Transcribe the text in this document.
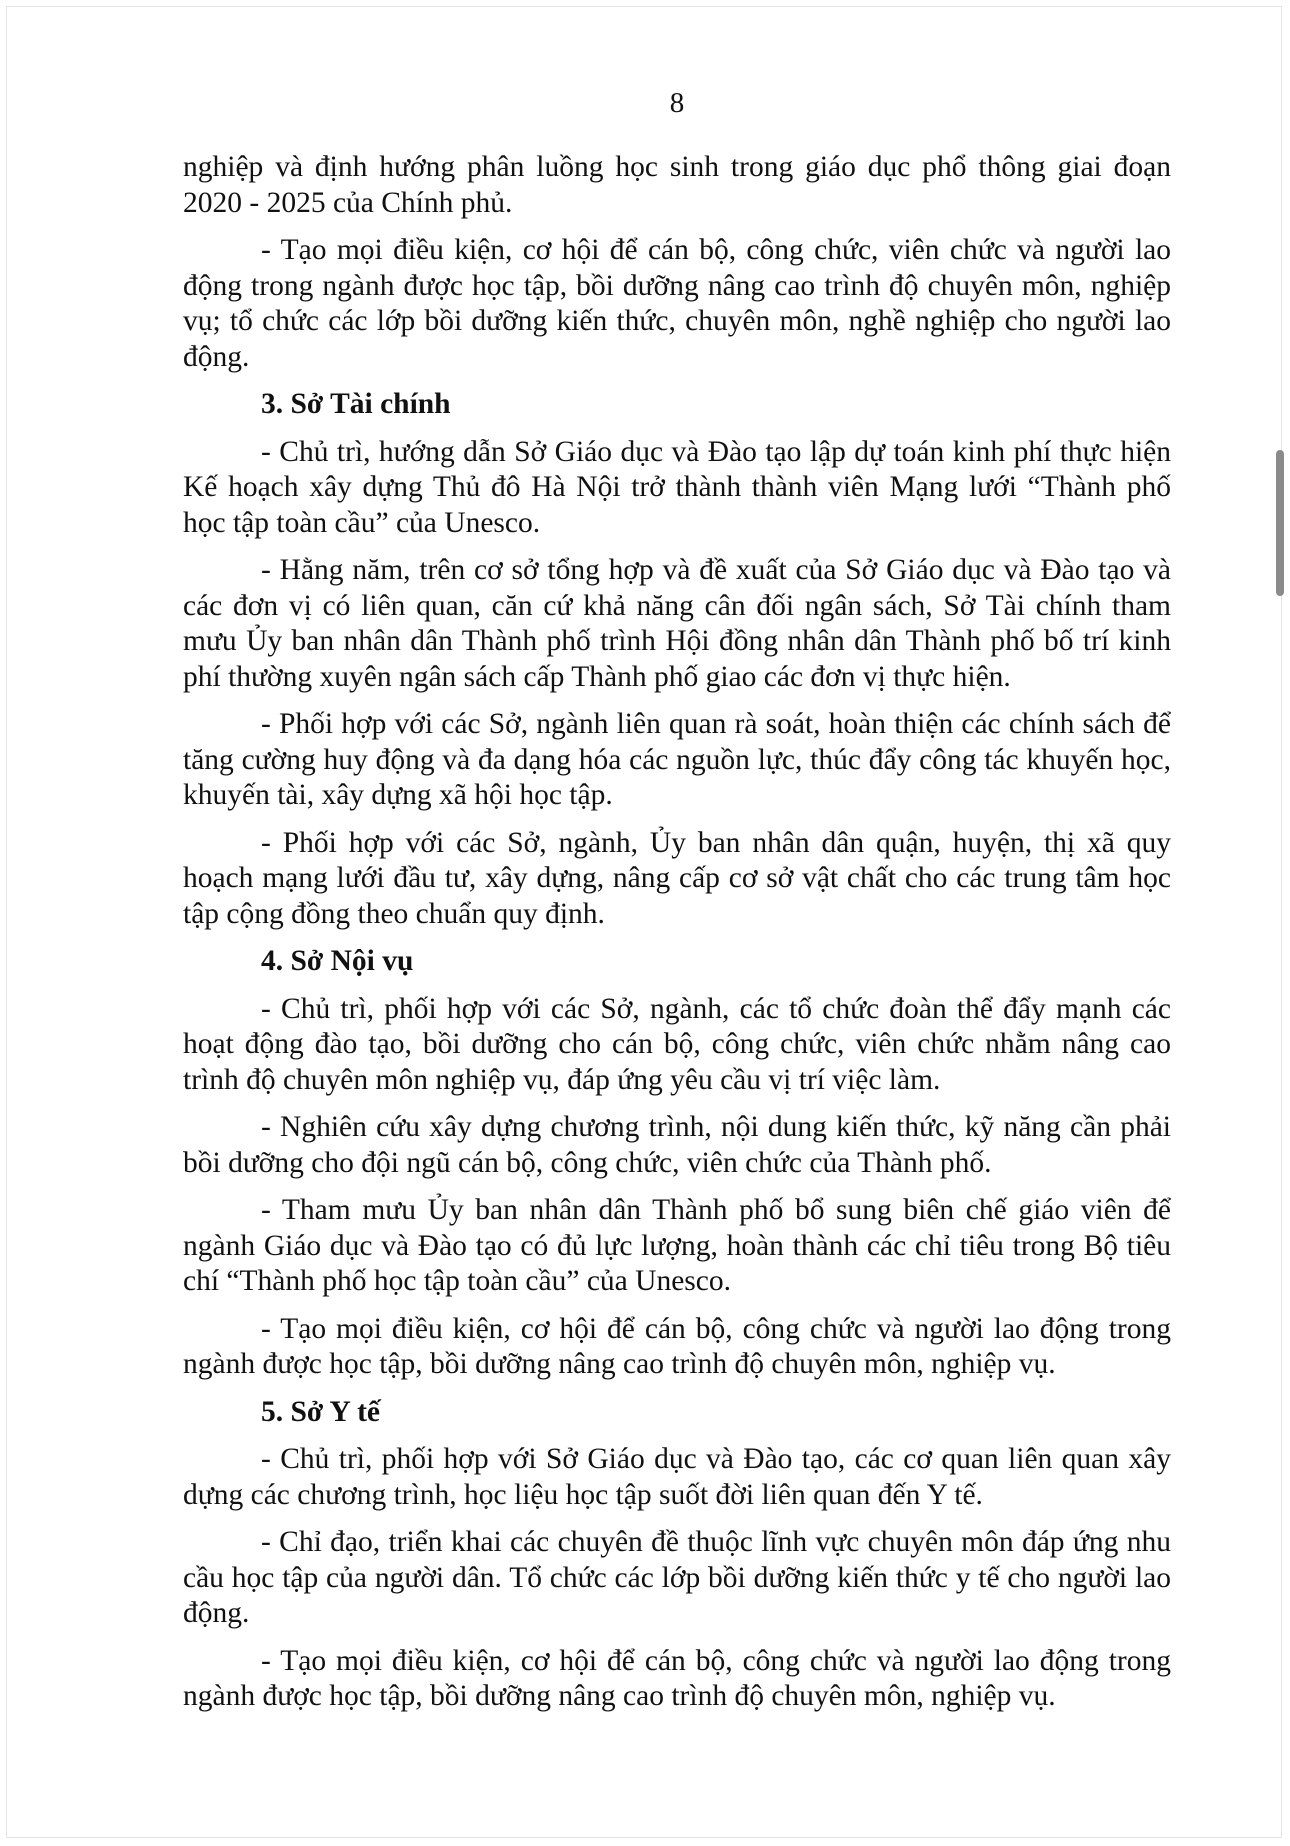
8

nghiệp và định hướng phân luồng học sinh trong giáo dục phổ thông giai đoạn 2020 - 2025 của Chính phủ.

- Tạo mọi điều kiện, cơ hội để cán bộ, công chức, viên chức và người lao động trong ngành được học tập, bồi dưỡng nâng cao trình độ chuyên môn, nghiệp vụ; tổ chức các lớp bồi dưỡng kiến thức, chuyên môn, nghề nghiệp cho người lao động.

3. Sở Tài chính

- Chủ trì, hướng dẫn Sở Giáo dục và Đào tạo lập dự toán kinh phí thực hiện Kế hoạch xây dựng Thủ đô Hà Nội trở thành thành viên Mạng lưới “Thành phố học tập toàn cầu” của Unesco.

- Hằng năm, trên cơ sở tổng hợp và đề xuất của Sở Giáo dục và Đào tạo và các đơn vị có liên quan, căn cứ khả năng cân đối ngân sách, Sở Tài chính tham mưu Ủy ban nhân dân Thành phố trình Hội đồng nhân dân Thành phố bố trí kinh phí thường xuyên ngân sách cấp Thành phố giao các đơn vị thực hiện.

- Phối hợp với các Sở, ngành liên quan rà soát, hoàn thiện các chính sách để tăng cường huy động và đa dạng hóa các nguồn lực, thúc đẩy công tác khuyến học, khuyến tài, xây dựng xã hội học tập.

- Phối hợp với các Sở, ngành, Ủy ban nhân dân quận, huyện, thị xã quy hoạch mạng lưới đầu tư, xây dựng, nâng cấp cơ sở vật chất cho các trung tâm học tập cộng đồng theo chuẩn quy định.

4. Sở Nội vụ

- Chủ trì, phối hợp với các Sở, ngành, các tổ chức đoàn thể đẩy mạnh các hoạt động đào tạo, bồi dưỡng cho cán bộ, công chức, viên chức nhằm nâng cao trình độ chuyên môn nghiệp vụ, đáp ứng yêu cầu vị trí việc làm.

- Nghiên cứu xây dựng chương trình, nội dung kiến thức, kỹ năng cần phải bồi dưỡng cho đội ngũ cán bộ, công chức, viên chức của Thành phố.

- Tham mưu Ủy ban nhân dân Thành phố bổ sung biên chế giáo viên để ngành Giáo dục và Đào tạo có đủ lực lượng, hoàn thành các chỉ tiêu trong Bộ tiêu chí “Thành phố học tập toàn cầu” của Unesco.

- Tạo mọi điều kiện, cơ hội để cán bộ, công chức và người lao động trong ngành được học tập, bồi dưỡng nâng cao trình độ chuyên môn, nghiệp vụ.

5. Sở Y tế

- Chủ trì, phối hợp với Sở Giáo dục và Đào tạo, các cơ quan liên quan xây dựng các chương trình, học liệu học tập suốt đời liên quan đến Y tế.

- Chỉ đạo, triển khai các chuyên đề thuộc lĩnh vực chuyên môn đáp ứng nhu cầu học tập của người dân. Tổ chức các lớp bồi dưỡng kiến thức y tế cho người lao động.

- Tạo mọi điều kiện, cơ hội để cán bộ, công chức và người lao động trong ngành được học tập, bồi dưỡng nâng cao trình độ chuyên môn, nghiệp vụ.
